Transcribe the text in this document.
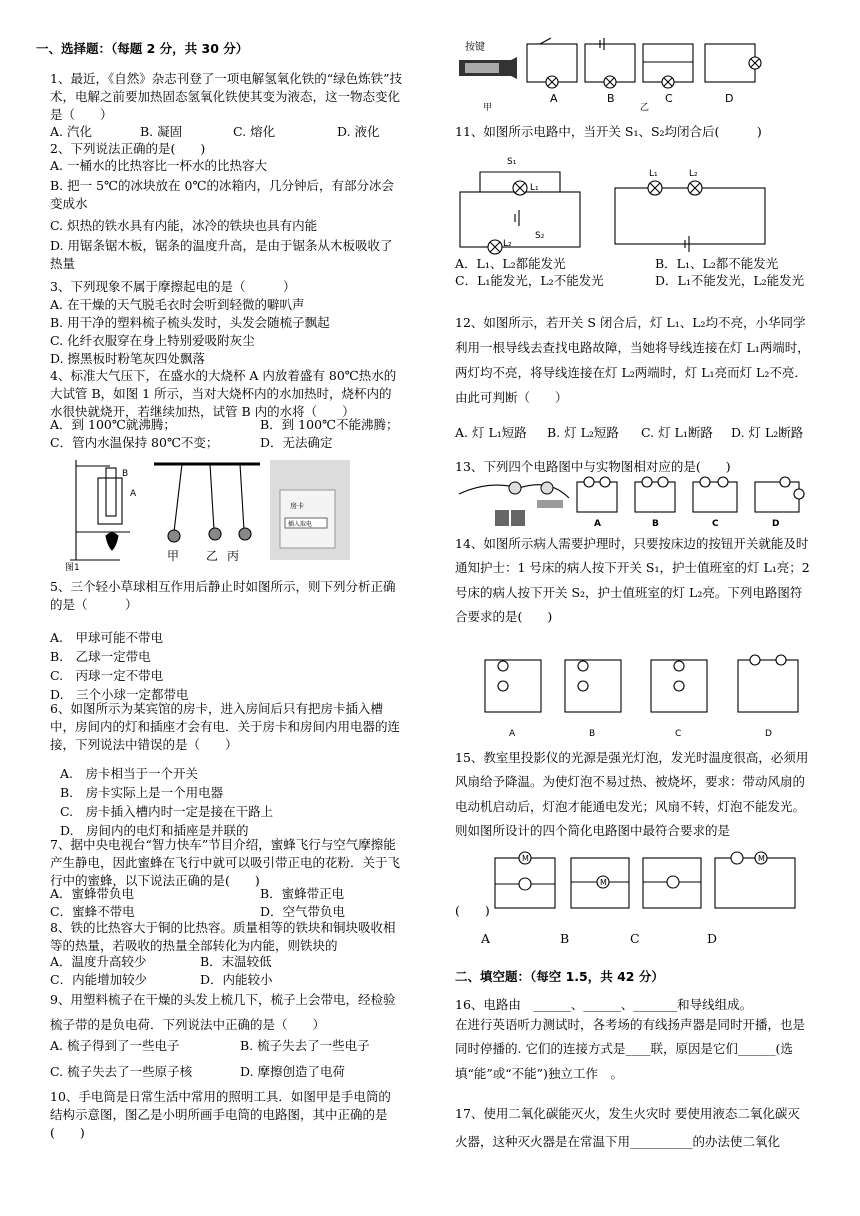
一、选择题：（每题 2 分，共 30 分）
1、最近，《自然》杂志刊登了一项电解氢氧化铁的“绿色炼铁”技术，电解之前要加热固态氢氧化铁使其变为液态，这一物态变化是（　　）
A. 汽化	B. 凝固	C. 熔化	D. 液化
2、下列说法正确的是(　　)
A. 一桶水的比热容比一杯水的比热容大
B. 把一 5℃的冰块放在 0℃的冰箱内，几分钟后，有部分冰会变成水
C. 炽热的铁水具有内能，冰冷的铁块也具有内能
D. 用锯条锯木板，锯条的温度升高，是由于锯条从木板吸收了热量
3、下列现象不属于摩擦起电的是（　　　）
A. 在干燥的天气脱毛衣时会听到轻微的噼叭声
B. 用干净的塑料梳子梳头发时，头发会随梳子飘起
C. 化纤衣服穿在身上特别爱吸附灰尘
D. 擦黑板时粉笔灰四处飘落
4、标准大气压下，在盛水的大烧杯 A 内放着盛有 80℃热水的大试管 B，如图 1 所示，当对大烧杯内的水加热时，烧杯内的水很快就烧开，若继续加热，试管 B 内的水将（　　）
A．到 100℃就沸腾；	B．到 100℃不能沸腾；
C．管内水温保持 80℃不变；	D．无法确定
B
A
图1
甲 乙 丙
房卡
插入取电
5、三个轻小草球相互作用后静止时如图所示，则下列分析正确的是（　　　）
A.　甲球可能不带电
B.　乙球一定带电
C.　丙球一定不带电
D.　三个小球一定都带电
6、如图所示为某宾馆的房卡，进入房间后只有把房卡插入槽中，房间内的灯和插座才会有电．关于房卡和房间内用电器的连接，下列说法中错误的是（　　）
A.　房卡相当于一个开关
B.　房卡实际上是一个用电器
C.　房卡插入槽内时一定是接在干路上
D.　房间内的电灯和插座是并联的
7、据中央电视台“智力快车”节目介绍，蜜蜂飞行与空气摩擦能产生静电，因此蜜蜂在飞行中就可以吸引带正电的花粉．关于飞行中的蜜蜂，以下说法正确的是(　　)
A．蜜蜂带负电	B．蜜蜂带正电
C．蜜蜂不带电	D．空气带负电
8、铁的比热容大于铜的比热容。质量相等的铁块和铜块吸收相等的热量，若吸收的热量全部转化为内能，则铁块的
A．温度升高较少	B．末温较低
C．内能增加较少	D．内能较小
9、用塑料梳子在干燥的头发上梳几下，梳子上会带电，经检验梳子带的是负电荷．下列说法中正确的是（　　）
A. 梳子得到了一些电子	B. 梳子失去了一些电子
C. 梳子失去了一些原子核	D. 摩擦创造了电荷
10、手电筒是日常生活中常用的照明工具．如图甲是手电筒的结构示意图，图乙是小明所画手电筒的电路图，其中正确的是(　　)
按键
甲	乙
A	B	C	D
11、如图所示电路中，当开关 S₁、S₂均闭合后(　　　)
S₁
L₁
L₂
S₂
L₁	L₂
A．L₁、L₂都能发光	B．L₁、L₂都不能发光
C．L₁能发光，L₂不能发光	D．L₁不能发光，L₂能发光
12、如图所示，若开关 S 闭合后，灯 L₁、L₂均不亮，小华同学利用一根导线去查找电路故障，当她将导线连接在灯 L₁两端时，两灯均不亮，将导线连接在灯 L₂两端时，灯 L₁亮而灯 L₂不亮．由此可判断（　　）
A. 灯 L₁短路 B. 灯 L₂短路 C. 灯 L₁断路 D. 灯 L₂断路
13、下列四个电路图中与实物图相对应的是(　　)
A	B	C	D
14、如图所示病人需要护理时，只要按床边的按钮开关就能及时通知护士：1 号床的病人按下开关 S₁，护士值班室的灯 L₁亮；2 号床的病人按下开关 S₂，护士值班室的灯 L₂亮。下列电路图符合要求的是(　　)
A	B	C	D
15、教室里投影仪的光源是强光灯泡，发光时温度很高，必须用风扇给予降温。为使灯泡不易过热、被烧坏，要求：带动风扇的电动机启动后，灯泡才能通电发光；风扇不转，灯泡不能发光。则如图所设计的四个简化电路图中最符合要求的是
M
M
M
(　　)
A	B	C	D
二、填空题：（每空 1.5，共 42 分）
16、电路由　______、______、_______和导线组成。
在进行英语听力测试时，各考场的有线扬声器是同时开播，也是同时停播的. 它们的连接方式是____联，原因是它们______(选填“能”或“不能”)独立工作　。
17、使用二氧化碳能灭火，发生火灾时 要使用液态二氧化碳灭火器，这种灭火器是在常温下用__________的办法使二氧化
